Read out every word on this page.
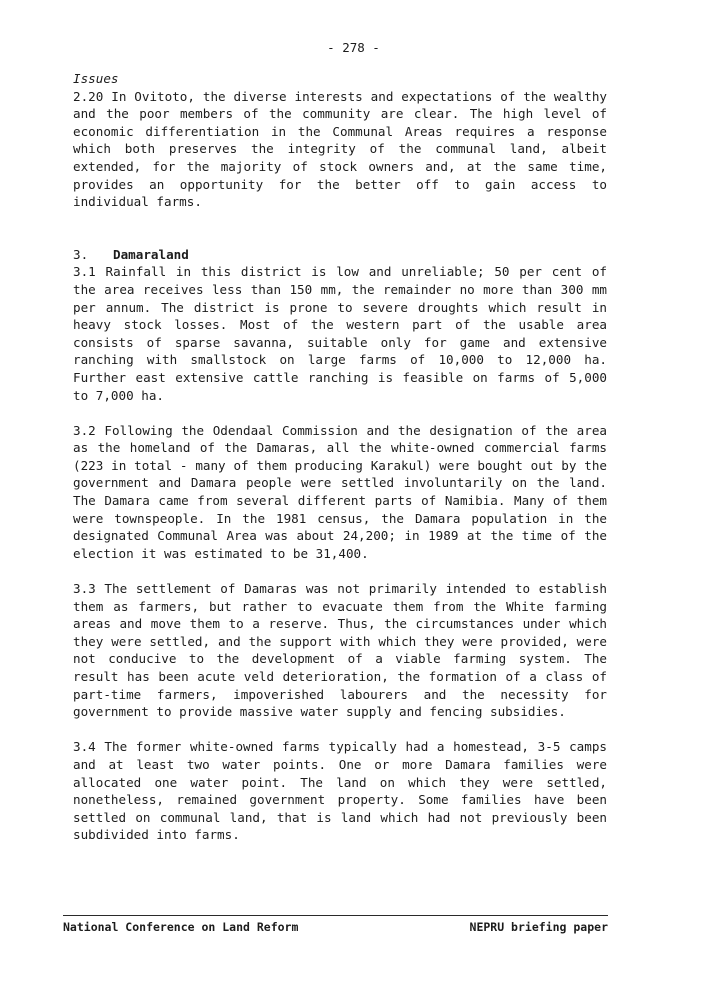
- 278 -

Issues

2.20 In Ovitoto, the diverse interests and expectations of the wealthy and the poor members of the community are clear. The high level of economic differentiation in the Communal Areas requires a response which both preserves the integrity of the communal land, albeit extended, for the majority of stock owners and, at the same time, provides an opportunity for the better off to gain access to individual farms.

3. Damaraland

3.1 Rainfall in this district is low and unreliable; 50 per cent of the area receives less than 150 mm, the remainder no more than 300 mm per annum. The district is prone to severe droughts which result in heavy stock losses. Most of the western part of the usable area consists of sparse savanna, suitable only for game and extensive ranching with smallstock on large farms of 10,000 to 12,000 ha. Further east extensive cattle ranching is feasible on farms of 5,000 to 7,000 ha.

3.2 Following the Odendaal Commission and the designation of the area as the homeland of the Damaras, all the white-owned commercial farms (223 in total - many of them producing Karakul) were bought out by the government and Damara people were settled involuntarily on the land. The Damara came from several different parts of Namibia. Many of them were townspeople. In the 1981 census, the Damara population in the designated Communal Area was about 24,200; in 1989 at the time of the election it was estimated to be 31,400.

3.3 The settlement of Damaras was not primarily intended to establish them as farmers, but rather to evacuate them from the White farming areas and move them to a reserve. Thus, the circumstances under which they were settled, and the support with which they were provided, were not conducive to the development of a viable farming system. The result has been acute veld deterioration, the formation of a class of part-time farmers, impoverished labourers and the necessity for government to provide massive water supply and fencing subsidies.

3.4 The former white-owned farms typically had a homestead, 3-5 camps and at least two water points. One or more Damara families were allocated one water point. The land on which they were settled, nonetheless, remained government property. Some families have been settled on communal land, that is land which had not previously been subdivided into farms.

National Conference on Land Reform	NEPRU briefing paper
